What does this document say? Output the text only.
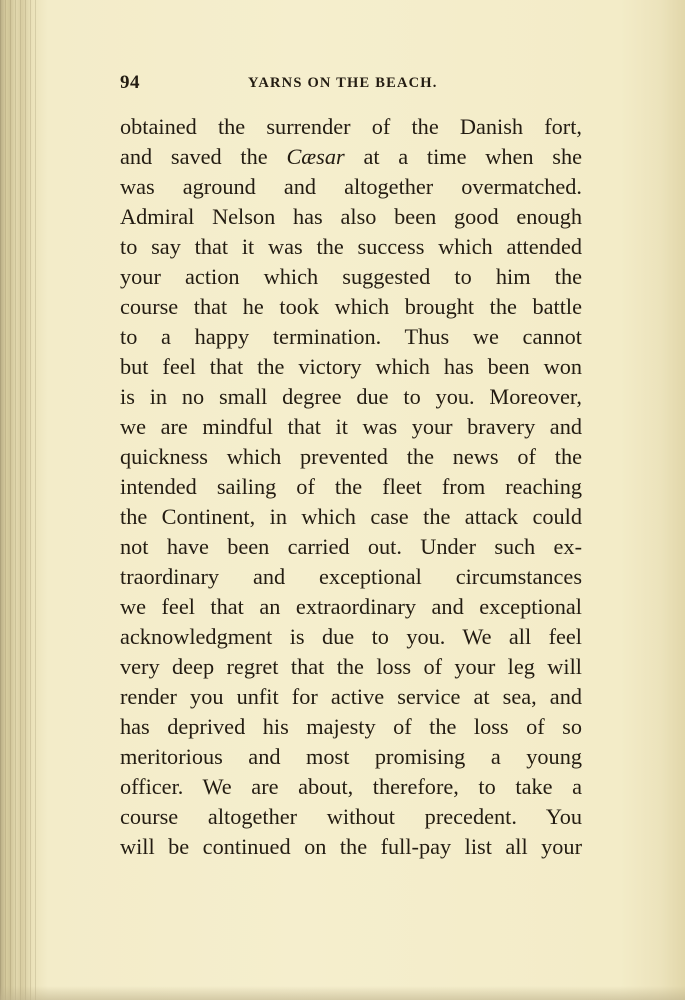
94	YARNS ON THE BEACH.
obtained the surrender of the Danish fort,
and saved the Cæsar at a time when she
was aground and altogether overmatched.
Admiral Nelson has also been good enough
to say that it was the success which attended
your action which suggested to him the
course that he took which brought the battle
to a happy termination. Thus we cannot
but feel that the victory which has been won
is in no small degree due to you. Moreover,
we are mindful that it was your bravery and
quickness which prevented the news of the
intended sailing of the fleet from reaching
the Continent, in which case the attack could
not have been carried out. Under such ex-
traordinary and exceptional circumstances
we feel that an extraordinary and exceptional
acknowledgment is due to you. We all feel
very deep regret that the loss of your leg will
render you unfit for active service at sea, and
has deprived his majesty of the loss of so
meritorious and most promising a young
officer. We are about, therefore, to take a
course altogether without precedent. You
will be continued on the full-pay list all your
